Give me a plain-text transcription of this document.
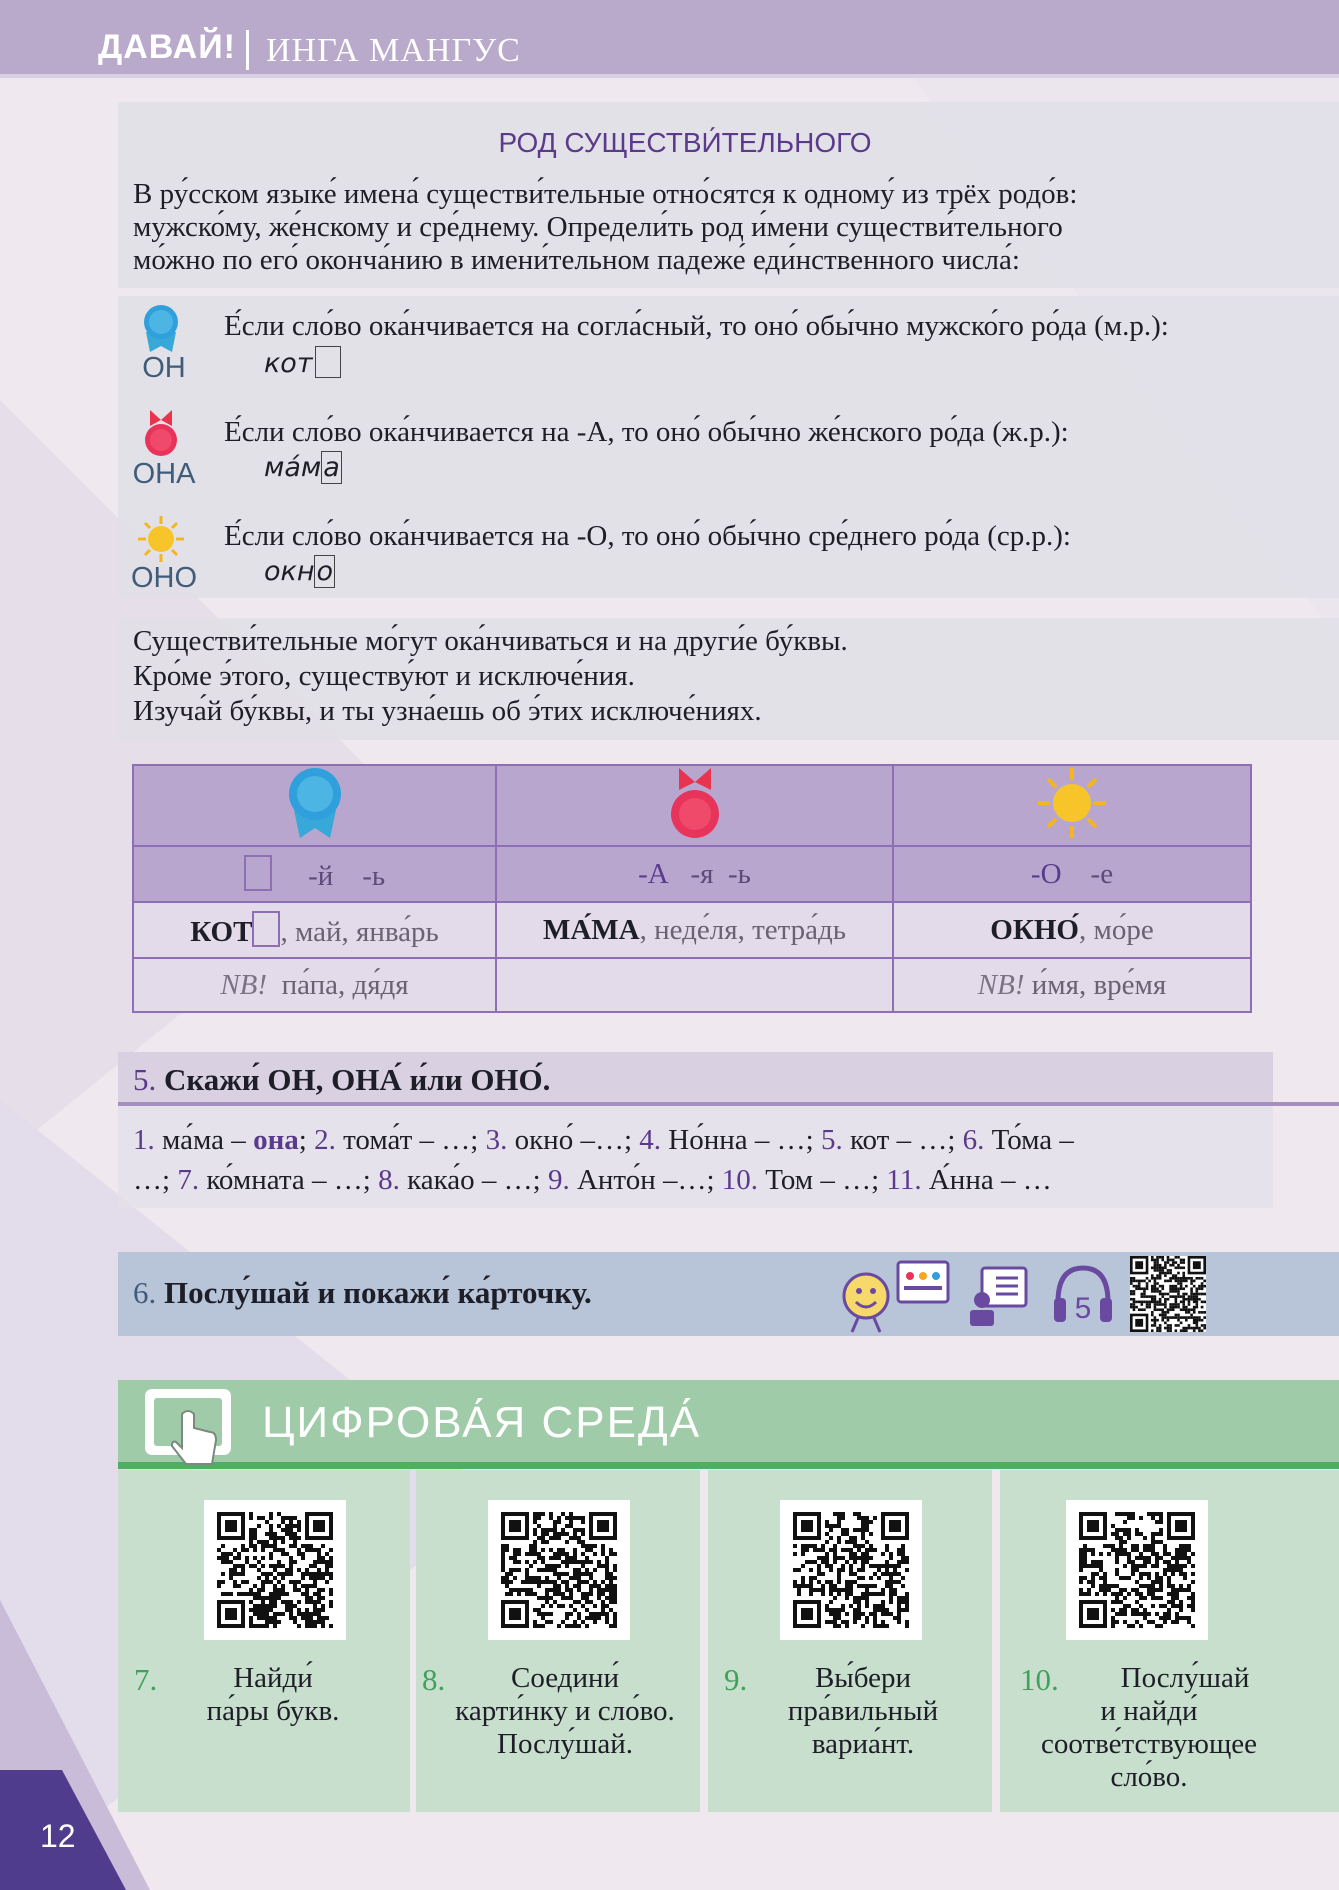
ДАВАЙ! ИНГА МАНГУС
РОД СУЩЕСТВИ́ТЕЛЬНОГО
В ру́сском языке́ имена́ существи́тельные отно́сятся к одному́ из трёх родо́в:
мужско́му, же́нскому и сре́днему. Определи́ть род и́мени существи́тельного
мо́жно по его́ оконча́нию в имени́тельном падеже́ еди́нственного числа́:
ОН
Е́сли сло́во ока́нчивается на согла́сный, то оно́ обы́чно мужско́го ро́да (м.р.):
кот
ОНА
Е́сли сло́во ока́нчивается на -А, то оно́ обы́чно же́нского ро́да (ж.р.):
ма́ма
ОНО
Е́сли сло́во ока́нчивается на -О, то оно́ обы́чно сре́днего ро́да (ср.р.):
окно
Существи́тельные мо́гут ока́нчиваться и на други́е бу́квы.
Кро́ме э́того, существу́ют и исключе́ния.
Изуча́й бу́квы, и ты узна́ешь об э́тих исключе́ниях.

-й -ь	-А -я -ь	-О -е
КОТ , май, янва́рь	МА́МА, неде́ля, тетра́дь	ОКНО́, мо́ре
NB! па́па, дя́дя		NB! и́мя, вре́мя
5. Скажи́ ОН, ОНА́ и́ли ОНО́.
1. ма́ма – она; 2. тома́т – …; 3. окно́ –…; 4. Но́нна – …; 5. кот – …; 6. То́ма –
…; 7. ко́мната – …; 8. кака́о – …; 9. Анто́н –…; 10. Том – …; 11. А́нна – …
6. Послу́шай и покажи́ ка́рточку.	5
ЦИФРОВА́Я СРЕДА́
7.	Найди́
па́ры букв.
8.	Соедини́
карти́нку и сло́во.
Послу́шай.
9.	Вы́бери
пра́вильный
вариа́нт.
10.	Послу́шай
и найди́
соотве́тствующее
сло́во.
12
